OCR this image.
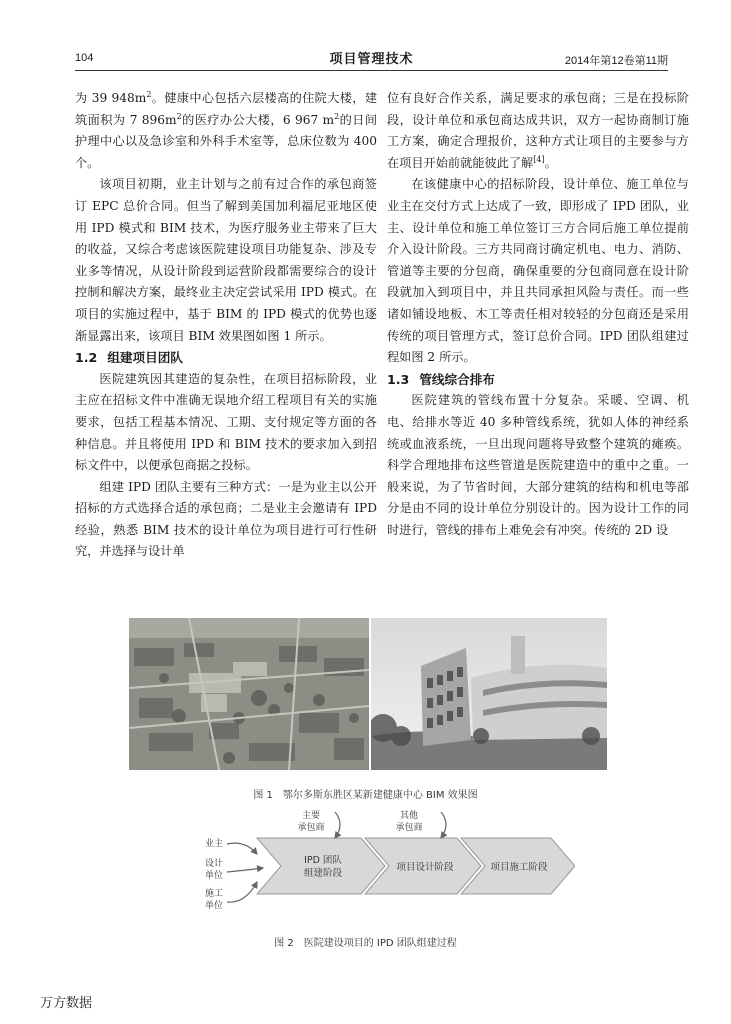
104	项目管理技术	2014年第12卷第11期

为 39 $948m^2$。健康中心包括六层楼高的住院大楼，建筑面积为 7 $896m^2$的医疗办公大楼，6 967 $m^2$的日间护理中心以及急诊室和外科手术室等，总床位数为 400 个。

该项目初期，业主计划与之前有过合作的承包商签订 EPC 总价合同。但当了解到美国加利福尼亚地区使用 IPD 模式和 BIM 技术，为医疗服务业主带来了巨大的收益，又综合考虑该医院建设项目功能复杂、涉及专业多等情况，从设计阶段到运营阶段都需要综合的设计控制和解决方案，最终业主决定尝试采用 IPD 模式。在项目的实施过程中，基于 BIM 的 IPD 模式的优势也逐渐显露出来，该项目 BIM 效果图如图 1 所示。

1.2 组建项目团队

医院建筑因其建造的复杂性，在项目招标阶段，业主应在招标文件中准确无误地介绍工程项目有关的实施要求，包括工程基本情况、工期、支付规定等方面的各种信息。并且将使用 IPD 和 BIM 技术的要求加入到招标文件中，以便承包商据之投标。

组建 IPD 团队主要有三种方式：一是为业主以公开招标的方式选择合适的承包商；二是业主会邀请有 IPD 经验，熟悉 BIM 技术的设计单位为项目进行可行性研究，并选择与设计单

位有良好合作关系，满足要求的承包商；三是在投标阶段，设计单位和承包商达成共识，双方一起协商制订施工方案，确定合理报价，这种方式让项目的主要参与方在项目开始前就能彼此了解[4]。

在该健康中心的招标阶段，设计单位、施工单位与业主在交付方式上达成了一致，即形成了 IPD 团队，业主、设计单位和施工单位签订三方合同后施工单位提前介入设计阶段。三方共同商讨确定机电、电力、消防、管道等主要的分包商，确保重要的分包商同意在设计阶段就加入到项目中，并且共同承担风险与责任。而一些诸如铺设地板、木工等责任相对较轻的分包商还是采用传统的项目管理方式，签订总价合同。IPD 团队组建过程如图 2 所示。

1.3 管线综合排布

医院建筑的管线布置十分复杂。采暖、空调、机电、给排水等近 40 多种管线系统，犹如人体的神经系统或血液系统，一旦出现问题将导致整个建筑的瘫痪。科学合理地排布这些管道是医院建造中的重中之重。一般来说，为了节省时间，大部分建筑的结构和机电等部分是由不同的设计单位分别设计的。因为设计工作的同时进行，管线的排布上难免会有冲突。传统的 2D 设

图 1 鄂尔多斯东胜区某新建健康中心 BIM 效果图
IPD 团队
组建阶段
项目设计阶段	项目施工阶段
业主
设计
单位
施工
单位
主要
承包商
其他
承包商
图 2 医院建设项目的 IPD 团队组建过程
万方数据
